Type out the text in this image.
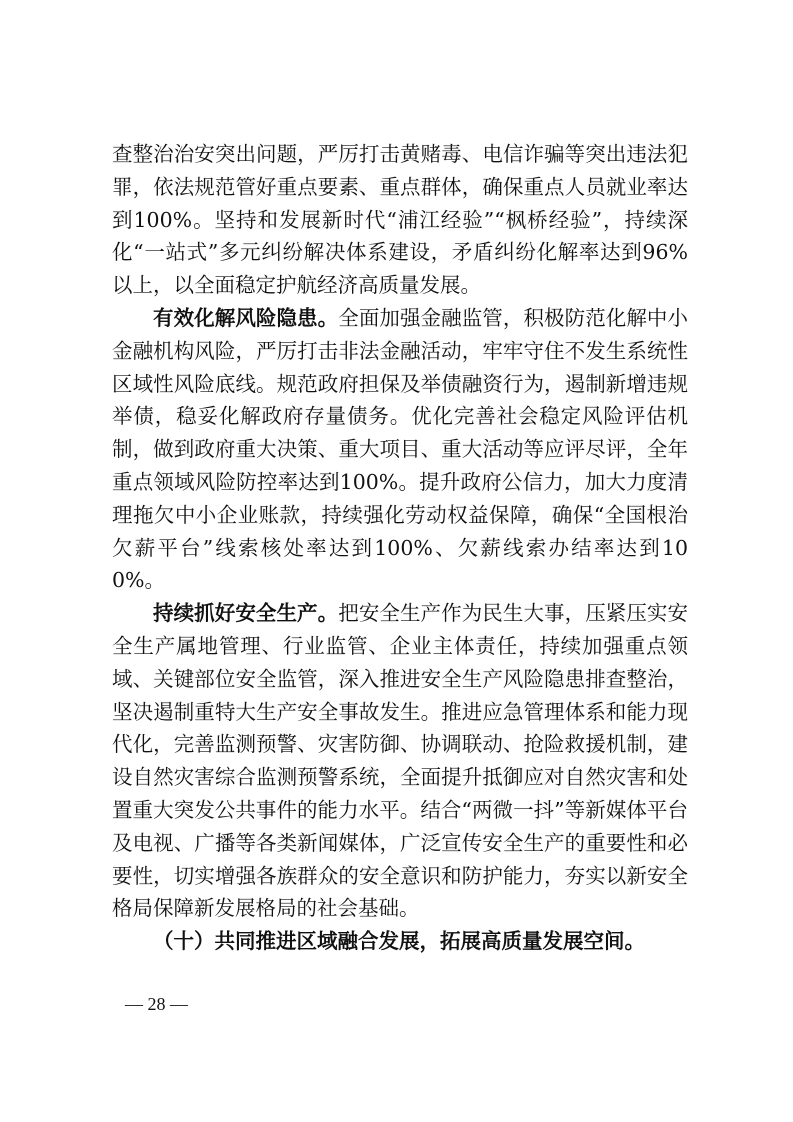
查整治治安突出问题，严厉打击黄赌毒、电信诈骗等突出违法犯罪，依法规范管好重点要素、重点群体，确保重点人员就业率达到100%。坚持和发展新时代“浦江经验”“枫桥经验”，持续深化“一站式”多元纠纷解决体系建设，矛盾纠纷化解率达到96%以上，以全面稳定护航经济高质量发展。

有效化解风险隐患。全面加强金融监管，积极防范化解中小金融机构风险，严厉打击非法金融活动，牢牢守住不发生系统性区域性风险底线。规范政府担保及举债融资行为，遏制新增违规举债，稳妥化解政府存量债务。优化完善社会稳定风险评估机制，做到政府重大决策、重大项目、重大活动等应评尽评，全年重点领域风险防控率达到100%。提升政府公信力，加大力度清理拖欠中小企业账款，持续强化劳动权益保障，确保“全国根治欠薪平台”线索核处率达到100%、欠薪线索办结率达到100%。

持续抓好安全生产。把安全生产作为民生大事，压紧压实安全生产属地管理、行业监管、企业主体责任，持续加强重点领域、关键部位安全监管，深入推进安全生产风险隐患排查整治，坚决遏制重特大生产安全事故发生。推进应急管理体系和能力现代化，完善监测预警、灾害防御、协调联动、抢险救援机制，建设自然灾害综合监测预警系统，全面提升抵御应对自然灾害和处置重大突发公共事件的能力水平。结合“两微一抖”等新媒体平台及电视、广播等各类新闻媒体，广泛宣传安全生产的重要性和必要性，切实增强各族群众的安全意识和防护能力，夯实以新安全格局保障新发展格局的社会基础。

（十）共同推进区域融合发展，拓展高质量发展空间。

— 28 —
